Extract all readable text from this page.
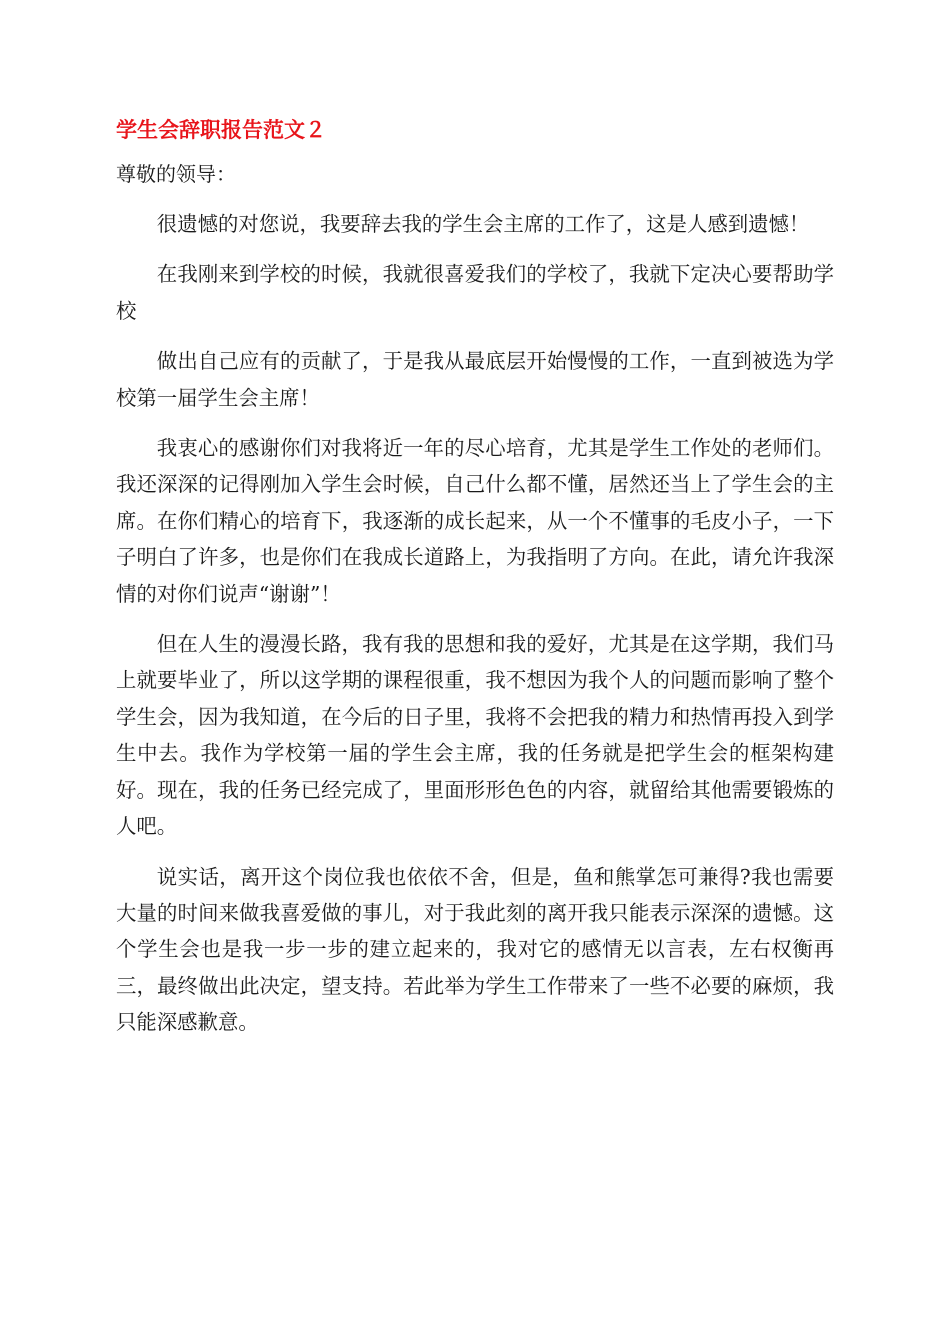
学生会辞职报告范文２

尊敬的领导：

很遗憾的对您说，我要辞去我的学生会主席的工作了，这是人感到遗憾！

在我刚来到学校的时候，我就很喜爱我们的学校了，我就下定决心要帮助学校

做出自己应有的贡献了，于是我从最底层开始慢慢的工作，一直到被选为学校第一届学生会主席！

我衷心的感谢你们对我将近一年的尽心培育，尤其是学生工作处的老师们。我还深深的记得刚加入学生会时候，自己什么都不懂，居然还当上了学生会的主席。在你们精心的培育下，我逐渐的成长起来，从一个不懂事的毛皮小子，一下子明白了许多，也是你们在我成长道路上，为我指明了方向。在此，请允许我深情的对你们说声“谢谢”！

但在人生的漫漫长路，我有我的思想和我的爱好，尤其是在这学期，我们马上就要毕业了，所以这学期的课程很重，我不想因为我个人的问题而影响了整个学生会，因为我知道，在今后的日子里，我将不会把我的精力和热情再投入到学生中去。我作为学校第一届的学生会主席，我的任务就是把学生会的框架构建好。现在，我的任务已经完成了，里面形形色色的内容，就留给其他需要锻炼的人吧。

说实话，离开这个岗位我也依依不舍，但是，鱼和熊掌怎可兼得?我也需要大量的时间来做我喜爱做的事儿，对于我此刻的离开我只能表示深深的遗憾。这个学生会也是我一步一步的建立起来的，我对它的感情无以言表，左右权衡再三，最终做出此决定，望支持。若此举为学生工作带来了一些不必要的麻烦，我只能深感歉意。
